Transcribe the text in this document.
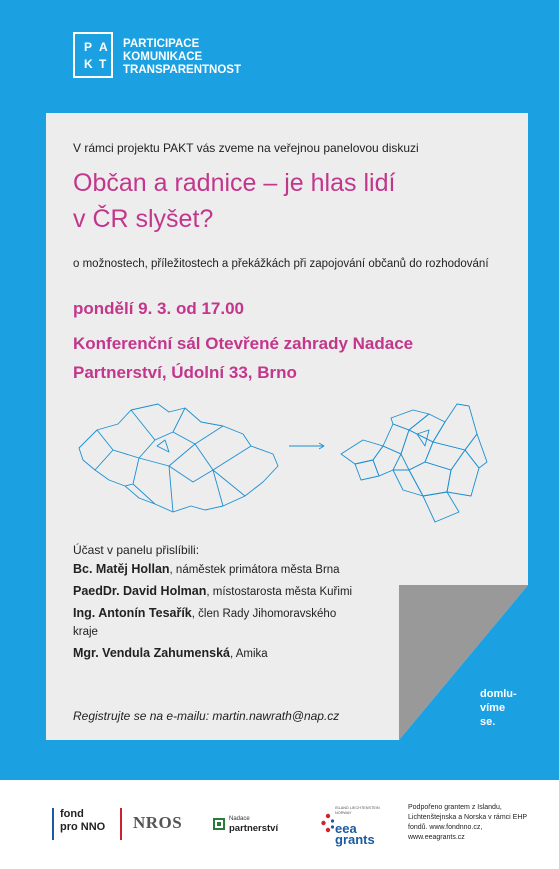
P A
K T
PARTICIPACE
KOMUNIKACE
TRANSPARENTNOST
V rámci projektu PAKT vás zveme na veřejnou panelovou diskuzi
Občan a radnice – je hlas lidí
v ČR slyšet?
o možnostech, příležitostech a překážkách při zapojování občanů do rozhodování
pondělí 9. 3. od 17.00
Konferenční sál Otevřené zahrady Nadace
Partnerství, Údolní 33, Brno
Účast v panelu přislíbili:
Bc. Matěj Hollan, náměstek primátora města Brna
PaedDr. David Holman, místostarosta města Kuřimi
Ing. Antonín Tesařík, člen Rady Jihomoravského kraje
Mgr. Vendula Zahumenská, Amika
Registrujte se na e-mailu: martin.nawrath@nap.cz
domlu-
víme
se.
fond
pro NNO NROS	Nadace
partnerství
ISLAND LIECHTENSTEIN NORWAY
eea
grants
Podpořeno grantem z Islandu, Lichtenštejnska a Norska v rámci EHP fondů. www.fondnno.cz, www.eeagrants.cz
